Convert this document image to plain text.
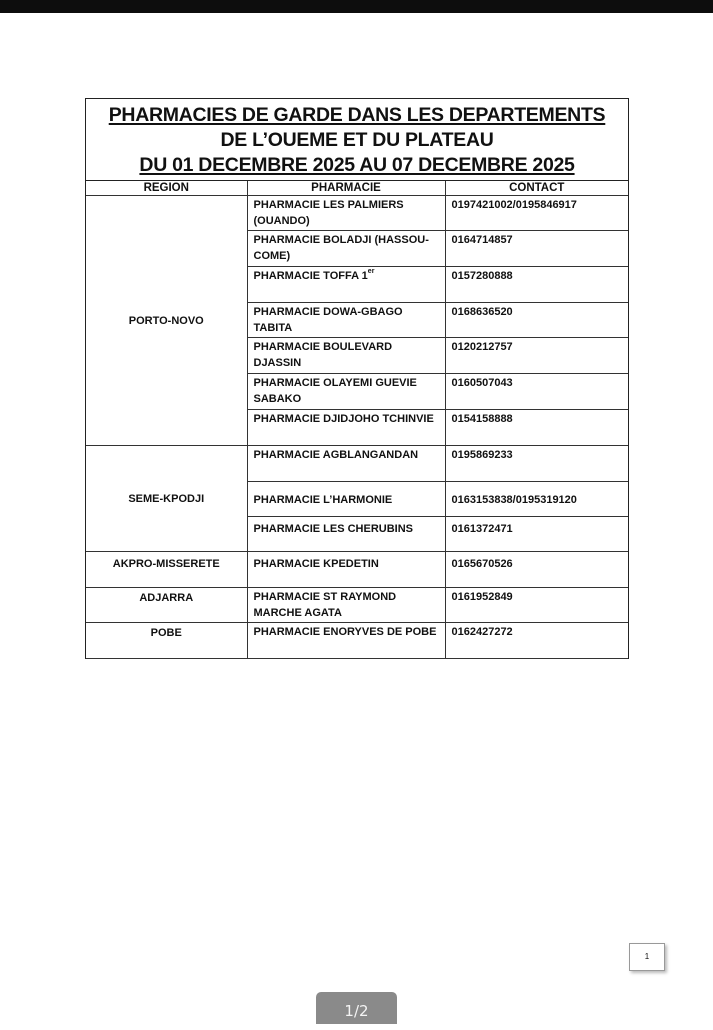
PHARMACIES DE GARDE DANS LES DEPARTEMENTS
DE L’OUEME ET DU PLATEAU
DU 01 DECEMBRE 2025 AU 07 DECEMBRE 2025
REGION	PHARMACIE	CONTACT
PORTO-NOVO	PHARMACIE LES PALMIERS (OUANDO)	0197421002/0195846917
	PHARMACIE BOLADJI (HASSOU-COME)	0164714857
	PHARMACIE TOFFA 1er	0157280888
	PHARMACIE DOWA-GBAGO TABITA	0168636520
	PHARMACIE BOULEVARD DJASSIN	0120212757
	PHARMACIE OLAYEMI GUEVIE SABAKO	0160507043
	PHARMACIE DJIDJOHO TCHINVIE	0154158888
SEME-KPODJI	PHARMACIE AGBLANGANDAN	0195869233
	PHARMACIE L’HARMONIE	0163153838/0195319120
	PHARMACIE LES CHERUBINS	0161372471
AKPRO-MISSERETE	PHARMACIE KPEDETIN	0165670526
ADJARRA	PHARMACIE ST RAYMOND MARCHE AGATA	0161952849
POBE	PHARMACIE ENORYVES DE POBE	0162427272
1
1/2
